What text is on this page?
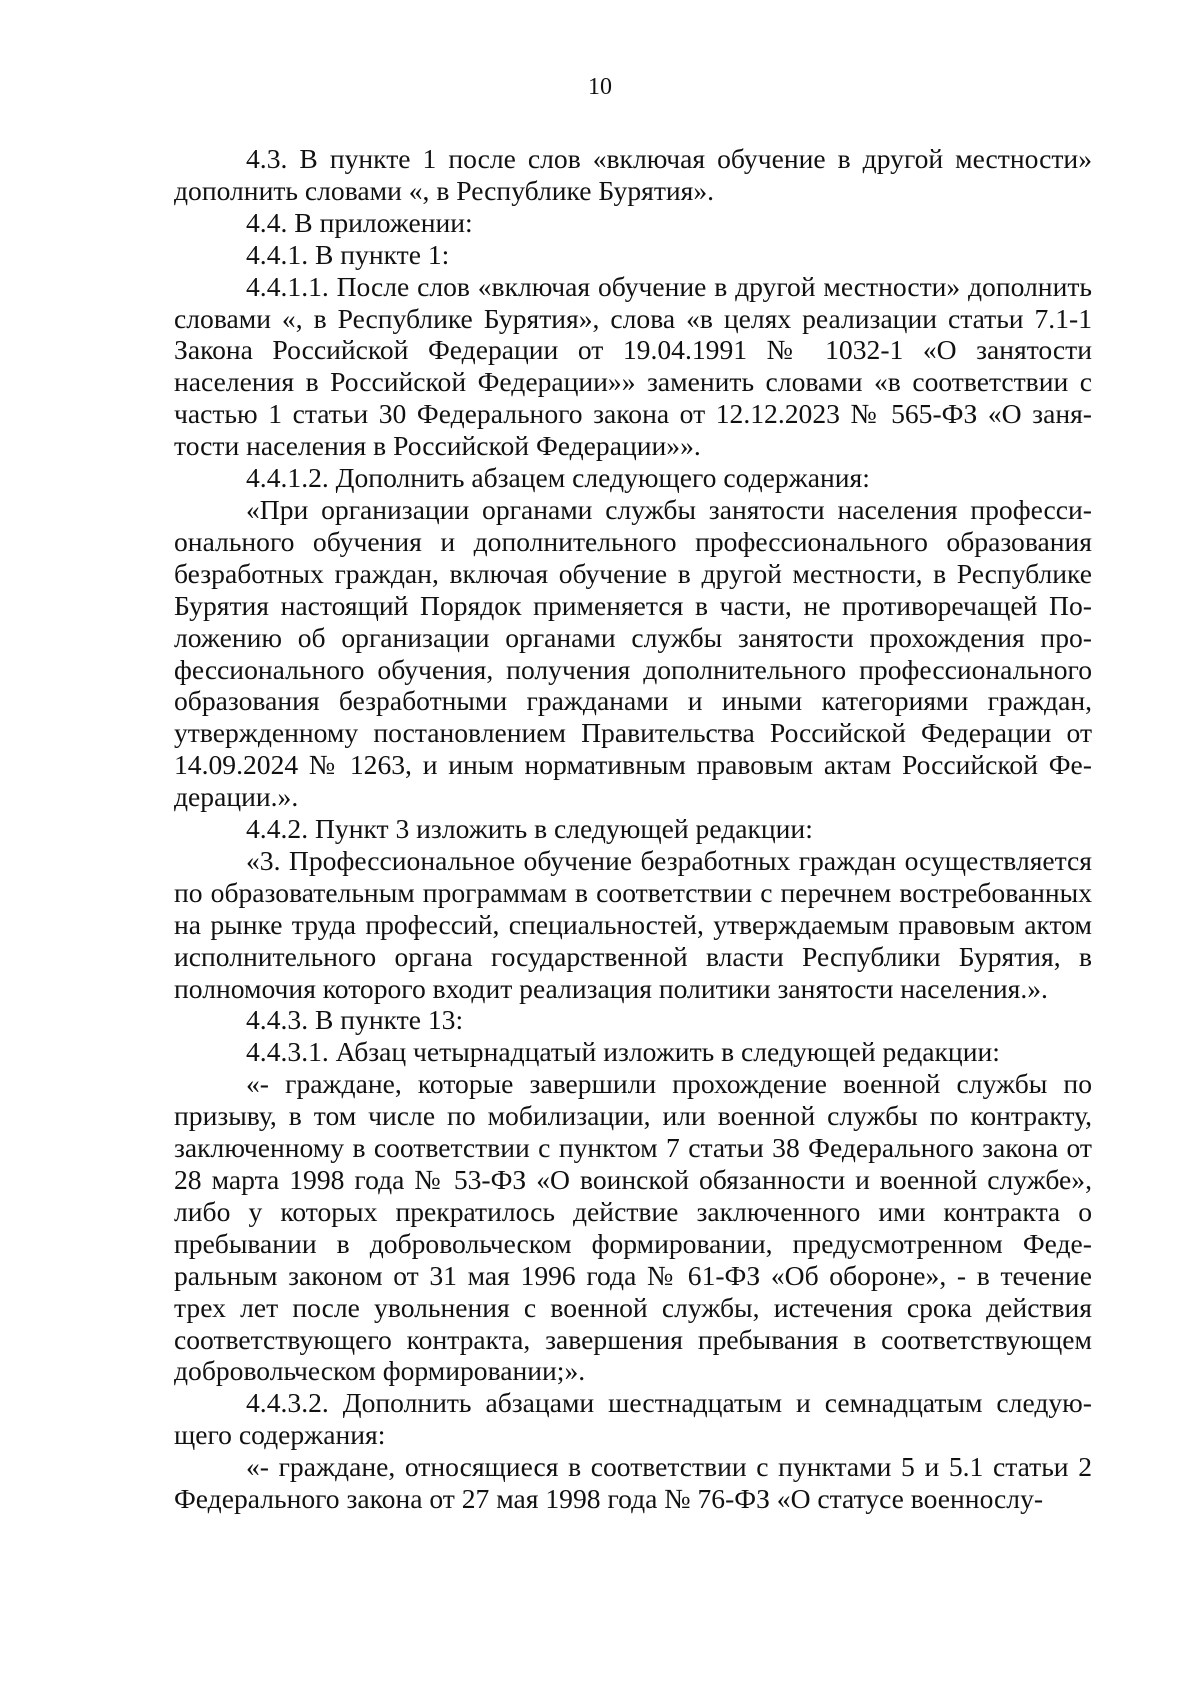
10

4.3. В пункте 1 после слов «включая обучение в другой местности» дополнить словами «, в Республике Бурятия».

4.4. В приложении:

4.4.1. В пункте 1:

4.4.1.1. После слов «включая обучение в другой местности» дополнить словами «, в Республике Бурятия», слова «в целях реализации статьи 7.1-1 Закона Российской Федерации от 19.04.1991 № 1032-1 «О занятости населения в Российской Федерации»» заменить словами «в соответствии с частью 1 статьи 30 Федерального закона от 12.12.2023 № 565-ФЗ «О занятости населения в Российской Федерации»».

4.4.1.2. Дополнить абзацем следующего содержания:

«При организации органами службы занятости населения профессионального обучения и дополнительного профессионального образования безработных граждан, включая обучение в другой местности, в Республике Бурятия настоящий Порядок применяется в части, не противоречащей Положению об организации органами службы занятости прохождения профессионального обучения, получения дополнительного профессионального образования безработными гражданами и иными категориями граждан, утвержденному постановлением Правительства Российской Федерации от 14.09.2024 № 1263, и иным нормативным правовым актам Российской Федерации.».

4.4.2. Пункт 3 изложить в следующей редакции:

«3. Профессиональное обучение безработных граждан осуществляется по образовательным программам в соответствии с перечнем востребованных на рынке труда профессий, специальностей, утверждаемым правовым актом исполнительного органа государственной власти Республики Бурятия, в полномочия которого входит реализация политики занятости населения.».

4.4.3. В пункте 13:

4.4.3.1. Абзац четырнадцатый изложить в следующей редакции:

«- граждане, которые завершили прохождение военной службы по призыву, в том числе по мобилизации, или военной службы по контракту, заключенному в соответствии с пунктом 7 статьи 38 Федерального закона от 28 марта 1998 года № 53-ФЗ «О воинской обязанности и военной службе», либо у которых прекратилось действие заключенного ими контракта о пребывании в добровольческом формировании, предусмотренном Федеральным законом от 31 мая 1996 года № 61-ФЗ «Об обороне», - в течение трех лет после увольнения с военной службы, истечения срока действия соответствующего контракта, завершения пребывания в соответствующем добровольческом формировании;».

4.4.3.2. Дополнить абзацами шестнадцатым и семнадцатым следующего содержания:

«- граждане, относящиеся в соответствии с пунктами 5 и 5.1 статьи 2 Федерального закона от 27 мая 1998 года № 76-ФЗ «О статусе военнослу-
